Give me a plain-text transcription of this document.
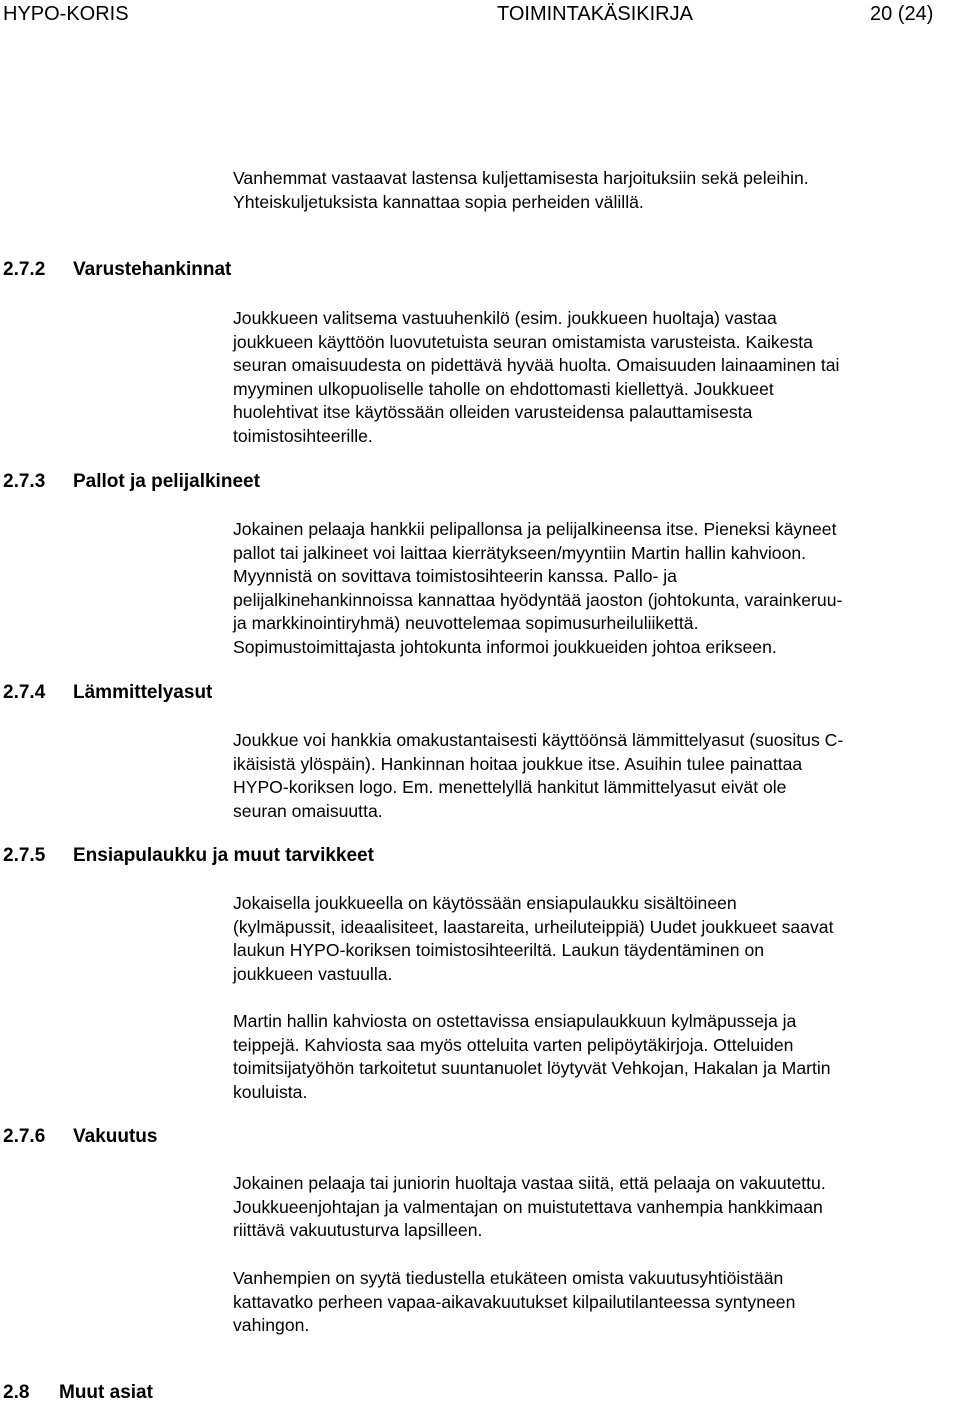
HYPO-KORIS	TOIMINTAKÄSIKIRJA	20 (24)
Vanhemmat vastaavat lastensa kuljettamisesta harjoituksiin sekä peleihin.
Yhteiskuljetuksista kannattaa sopia perheiden välillä.
2.7.2 Varustehankinnat
Joukkueen valitsema vastuuhenkilö (esim. joukkueen huoltaja) vastaa
joukkueen käyttöön luovutetuista seuran omistamista varusteista. Kaikesta
seuran omaisuudesta on pidettävä hyvää huolta. Omaisuuden lainaaminen tai
myyminen ulkopuoliselle taholle on ehdottomasti kiellettyä. Joukkueet
huolehtivat itse käytössään olleiden varusteidensa palauttamisesta
toimistosihteerille.
2.7.3 Pallot ja pelijalkineet
Jokainen pelaaja hankkii pelipallonsa ja pelijalkineensa itse. Pieneksi käyneet
pallot tai jalkineet voi laittaa kierrätykseen/myyntiin Martin hallin kahvioon.
Myynnistä on sovittava toimistosihteerin kanssa. Pallo- ja
pelijalkinehankinnoissa kannattaa hyödyntää jaoston (johtokunta, varainkeruu-
ja markkinointiryhmä) neuvottelemaa sopimusurheiluliikettä.
Sopimustoimittajasta johtokunta informoi joukkueiden johtoa erikseen.
2.7.4 Lämmittelyasut
Joukkue voi hankkia omakustantaisesti käyttöönsä lämmittelyasut (suositus C-
ikäisistä ylöspäin). Hankinnan hoitaa joukkue itse. Asuihin tulee painattaa
HYPO-koriksen logo. Em. menettelyllä hankitut lämmittelyasut eivät ole
seuran omaisuutta.
2.7.5 Ensiapulaukku ja muut tarvikkeet
Jokaisella joukkueella on käytössään ensiapulaukku sisältöineen
(kylmäpussit, ideaalisiteet, laastareita, urheiluteippiä) Uudet joukkueet saavat
laukun HYPO-koriksen toimistosihteeriltä. Laukun täydentäminen on
joukkueen vastuulla.
Martin hallin kahviosta on ostettavissa ensiapulaukkuun kylmäpusseja ja
teippejä. Kahviosta saa myös otteluita varten pelipöytäkirjoja. Otteluiden
toimitsijatyöhön tarkoitetut suuntanuolet löytyvät Vehkojan, Hakalan ja Martin
kouluista.
2.7.6 Vakuutus
Jokainen pelaaja tai juniorin huoltaja vastaa siitä, että pelaaja on vakuutettu.
Joukkueenjohtajan ja valmentajan on muistutettava vanhempia hankkimaan
riittävä vakuutusturva lapsilleen.
Vanhempien on syytä tiedustella etukäteen omista vakuutusyhtiöistään
kattavatko perheen vapaa-aikavakuutukset kilpailutilanteessa syntyneen
vahingon.
2.8 Muut asiat
